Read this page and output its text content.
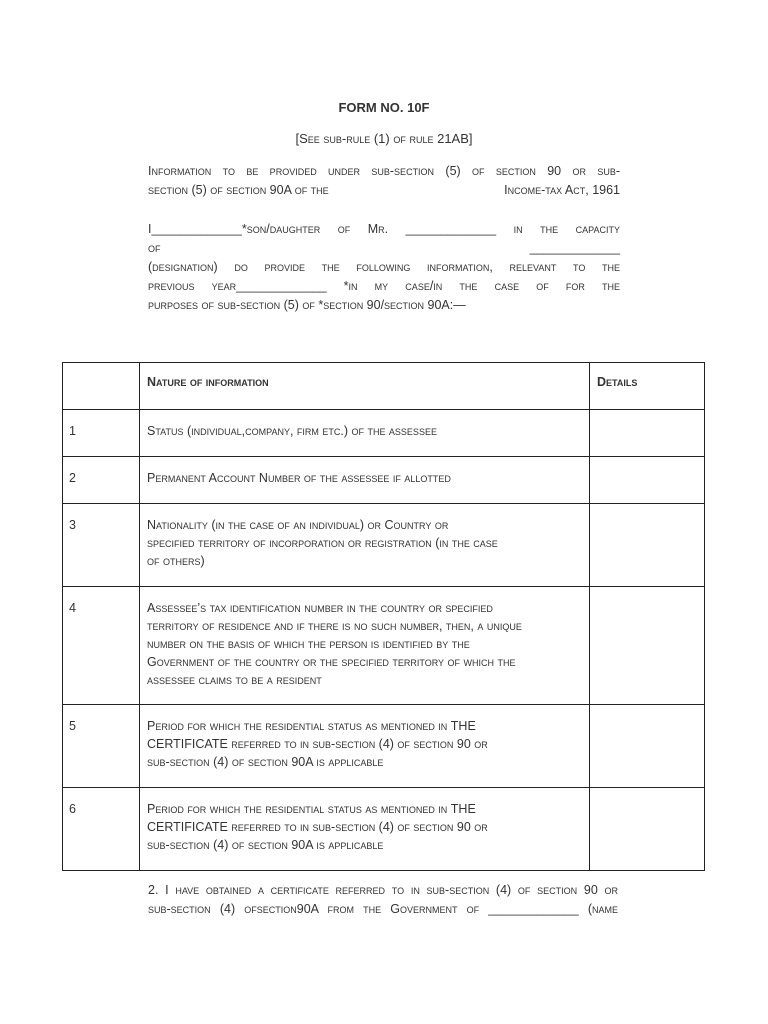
FORM NO. 10F
[See sub-rule (1) of rule 21AB]
Information to be provided under sub-section (5) of section 90 or sub-
section (5) of section 90A of the	Income-tax Act, 1961
I_____________*son/daughter of Mr. _____________ in the capacity
of	_____________
(designation) do provide the following information, relevant to the
previous year_____________ *in my case/in the case of for the
purposes of sub-section (5) of *section 90/section 90A:—
	Nature of information	Details
1	Status (individual,company, firm etc.) of the assessee	
2	Permanent Account Number of the assessee if allotted	
3	Nationality (in the case of an individual) or Country or specified territory of incorporation or registration (in the case of others)	
4	Assessee’s tax identification number in the country or specified territory of residence and if there is no such number, then, a unique number on the basis of which the person is identified by the Government of the country or the specified territory of which the assessee claims to be a resident	
5	Period for which the residential status as mentioned in THE CERTIFICATE referred to in sub-section (4) of section 90 or sub-section (4) of section 90A is applicable	
6	Period for which the residential status as mentioned in THE CERTIFICATE referred to in sub-section (4) of section 90 or sub-section (4) of section 90A is applicable	
2. I have obtained a certificate referred to in sub-section (4) of section 90 or
sub-section (4) ofsection90A from the Government of _____________ (name
